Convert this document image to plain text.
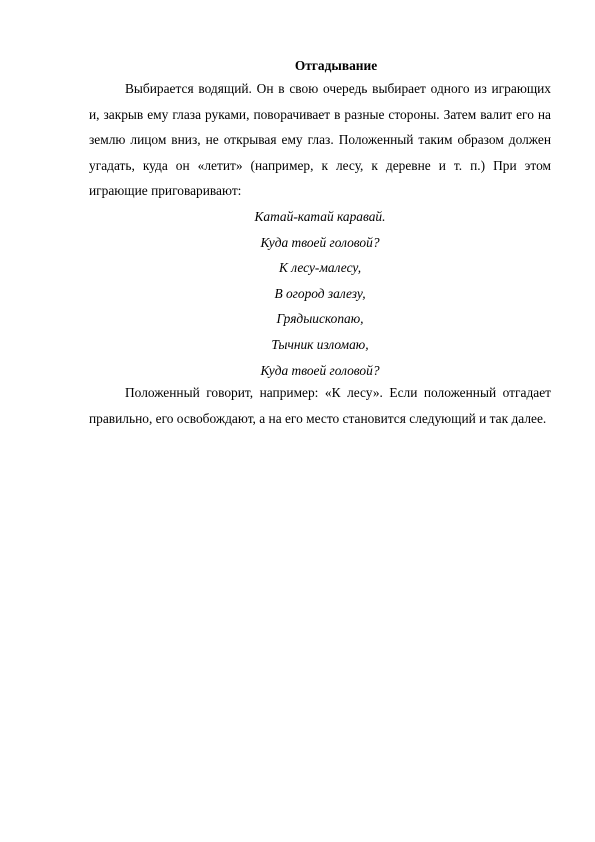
Отгадывание

Выбирается водящий. Он в свою очередь выбирает одного из играющих и, закрыв ему глаза руками, поворачивает в разные стороны. Затем валит его на землю лицом вниз, не открывая ему глаз. Положенный таким образом должен угадать, куда он «летит» (например, к лесу, к деревне и т. п.) При этом играющие приговаривают:

Катай-катай каравай.
Куда твоей головой?
К лесу-малесу,
В огород залезу,
Грядыископаю,
Тычник изломаю,
Куда твоей головой?

Положенный говорит, например: «К лесу». Если положенный отгадает правильно, его освобождают, а на его место становится следующий и так далее.
